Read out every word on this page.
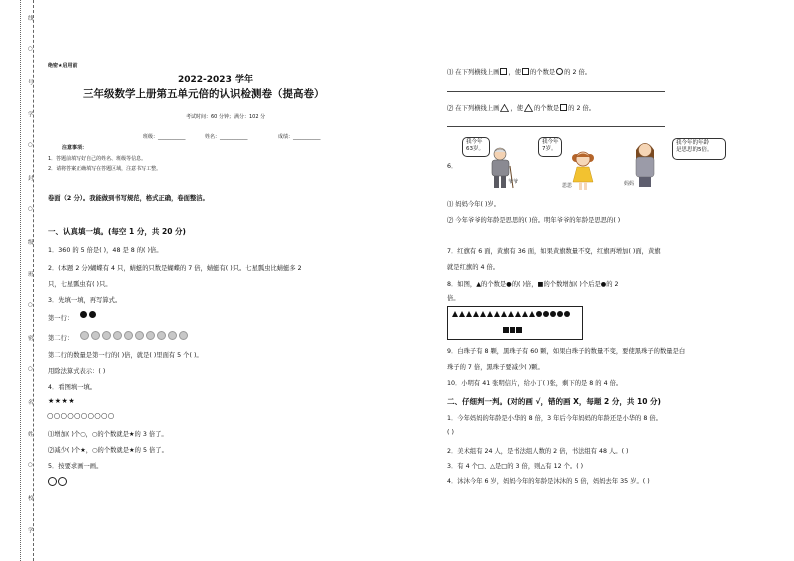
线
○
号
学
○
封
○
级
班
○
密
○
名
姓
○
校
学
绝密★启用前
2022-2023 学年
三年级数学上册第五单元倍的认识检测卷（提高卷）
考试时间：60 分钟；满分：102 分
班级：___________	姓名：___________	成绩：___________
注意事项：
1．答题前填写好自己的姓名、班级等信息。
2．请将答案正确填写在答题区域，注意书写工整。
卷面（2 分）。我能做到书写规范，格式正确，卷面整洁。
一、认真填一填。(每空 1 分，共 20 分)
1．360 的 5 倍是( )，48 是 8 的( )倍。
2．(本题 2 分)蝴蝶有 4 只，蜻蜓的只数是蝴蝶的 7 倍，蜻蜓有( )只。七星瓢虫比蜻蜓多 2
只，七星瓢虫有( )只。
3．先填一填，再写算式。
第一行：
第二行：
第二行的数量是第一行的( )倍，就是( )里面有 5 个( )。
用除法算式表示：( )
4．看图填一填。
★★★★
○○○○○○○○○○
⑴增加( )个○，○的个数就是★的 3 倍了。
⑵减少( )个★，○的个数就是★的 5 倍了。
5．按要求画一画。
⑴ 在下列横线上画 ，使 的个数是 的 2 倍。
⑵ 在下列横线上画 ，使 的个数是 的 2 倍。
6．
我今年
63岁。
爷爷
我今年
7岁。
思思	妈妈
我今年的年龄
是思思的5倍。
⑴ 妈妈今年( )岁。
⑵ 今年爷爷的年龄是思思的( )倍。明年爷爷的年龄是思思的( )
7．红旗有 6 面，黄旗有 36 面，如果黄旗数量不变，红旗再增加( )面，黄旗
就是红旗的 4 倍。
8．如图，▲的个数是●的( )倍，■的个数增加( )个后是●的 2
倍。
9．白珠子有 8 颗，黑珠子有 60 颗，如果白珠子的数量不变，要使黑珠子的数量是白
珠子的 7 倍，黑珠子要减少( )颗。
10．小明有 41 张明信片，给小丁( )张，剩下的是 8 的 4 倍。
二、仔细判一判。(对的画 √，错的画 X，每题 2 分，共 10 分)
1．今年妈妈的年龄是小华的 8 倍，3 年后今年妈妈的年龄还是小华的 8 倍。
( )
2．美术组有 24 人，是书法组人数的 2 倍，书法组有 48 人。( )
3．有 4 个□、△是□的 3 倍，则△有 12 个。( )
4．沐沐今年 6 岁，妈妈今年的年龄是沐沐的 5 倍，妈妈去年 35 岁。( )
